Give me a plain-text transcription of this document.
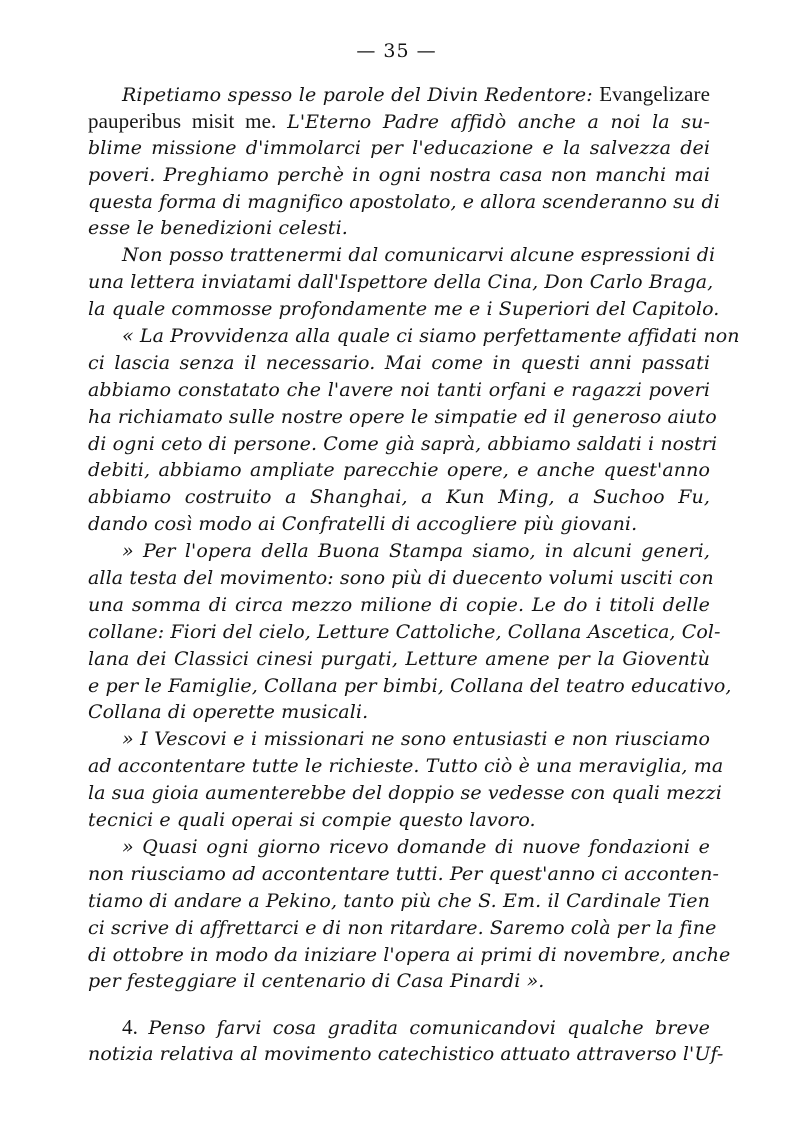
— 35 —
Ripetiamo spesso le parole del Divin Redentore: Evangelizare
pauperibus misit me. L'Eterno Padre affidò anche a noi la su-
blime missione d'immolarci per l'educazione e la salvezza dei
poveri. Preghiamo perchè in ogni nostra casa non manchi mai
questa forma di magnifico apostolato, e allora scenderanno su di
esse le benedizioni celesti.
Non posso trattenermi dal comunicarvi alcune espressioni di
una lettera inviatami dall'Ispettore della Cina, Don Carlo Braga,
la quale commosse profondamente me e i Superiori del Capitolo.
« La Provvidenza alla quale ci siamo perfettamente affidati non
ci lascia senza il necessario. Mai come in questi anni passati
abbiamo constatato che l'avere noi tanti orfani e ragazzi poveri
ha richiamato sulle nostre opere le simpatie ed il generoso aiuto
di ogni ceto di persone. Come già saprà, abbiamo saldati i nostri
debiti, abbiamo ampliate parecchie opere, e anche quest'anno
abbiamo costruito a Shanghai, a Kun Ming, a Suchoo Fu,
dando così modo ai Confratelli di accogliere più giovani.
» Per l'opera della Buona Stampa siamo, in alcuni generi,
alla testa del movimento: sono più di duecento volumi usciti con
una somma di circa mezzo milione di copie. Le do i titoli delle
collane: Fiori del cielo, Letture Cattoliche, Collana Ascetica, Col-
lana dei Classici cinesi purgati, Letture amene per la Gioventù
e per le Famiglie, Collana per bimbi, Collana del teatro educativo,
Collana di operette musicali.
» I Vescovi e i missionari ne sono entusiasti e non riusciamo
ad accontentare tutte le richieste. Tutto ciò è una meraviglia, ma
la sua gioia aumenterebbe del doppio se vedesse con quali mezzi
tecnici e quali operai si compie questo lavoro.
» Quasi ogni giorno ricevo domande di nuove fondazioni e
non riusciamo ad accontentare tutti. Per quest'anno ci acconten-
tiamo di andare a Pekino, tanto più che S. Em. il Cardinale Tien
ci scrive di affrettarci e di non ritardare. Saremo colà per la fine
di ottobre in modo da iniziare l'opera ai primi di novembre, anche
per festeggiare il centenario di Casa Pinardi ».
4. Penso farvi cosa gradita comunicandovi qualche breve
notizia relativa al movimento catechistico attuato attraverso l'Uf-
